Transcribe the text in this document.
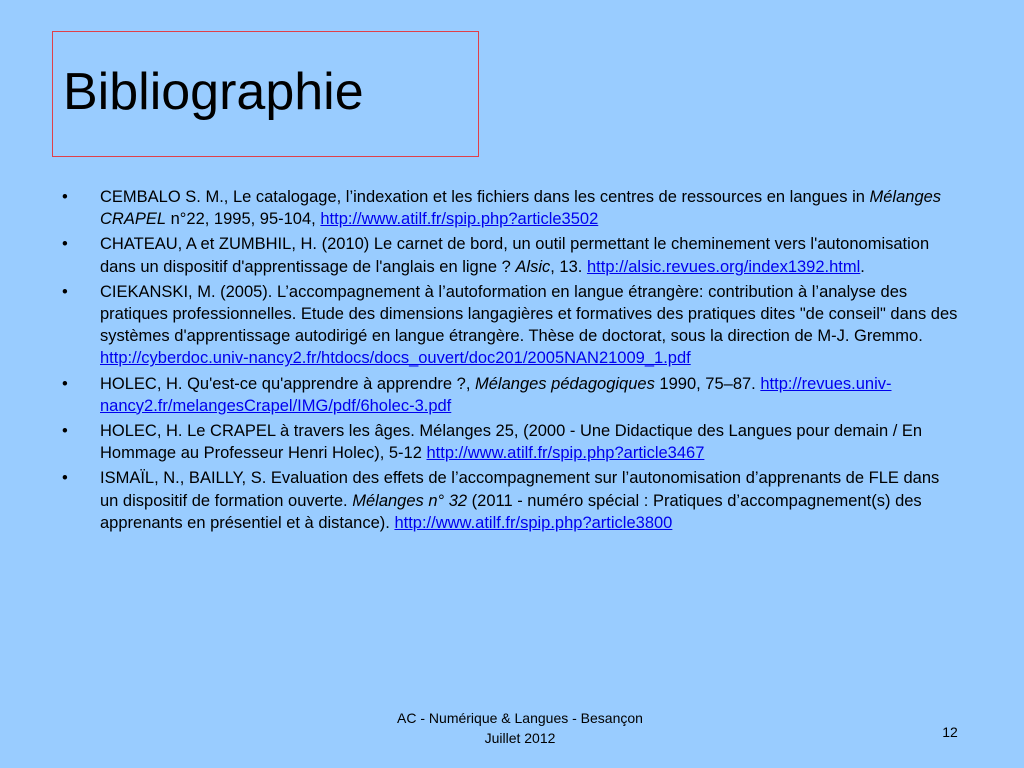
Bibliographie
• CEMBALO S. M., Le catalogage, l’indexation et les fichiers dans les centres de ressources en langues in Mélanges CRAPEL n°22, 1995, 95-104, http://www.atilf.fr/spip.php?article3502
• CHATEAU, A et ZUMBHIL, H. (2010) Le carnet de bord, un outil permettant le cheminement vers l'autonomisation dans un dispositif d'apprentissage de l'anglais en ligne ? Alsic, 13. http://alsic.revues.org/index1392.html.
• CIEKANSKI, M. (2005). L’accompagnement à l’autoformation en langue étrangère: contribution à l’analyse des pratiques professionnelles. Etude des dimensions langagières et formatives des pratiques dites "de conseil" dans des systèmes d'apprentissage autodirigé en langue étrangère. Thèse de doctorat, sous la direction de M-J. Gremmo. http://cyberdoc.univ-nancy2.fr/htdocs/docs_ouvert/doc201/2005NAN21009_1.pdf
• HOLEC, H. Qu'est-ce qu'apprendre à apprendre ?, Mélanges pédagogiques 1990, 75–87. http://revues.univ-nancy2.fr/melangesCrapel/IMG/pdf/6holec-3.pdf
• HOLEC, H. Le CRAPEL à travers les âges. Mélanges 25, (2000 - Une Didactique des Langues pour demain / En Hommage au Professeur Henri Holec), 5-12 http://www.atilf.fr/spip.php?article3467
• ISMAÏL, N., BAILLY, S. Evaluation des effets de l’accompagnement sur l’autonomisation d’apprenants de FLE dans un dispositif de formation ouverte. Mélanges n° 32 (2011 - numéro spécial : Pratiques d’accompagnement(s) des apprenants en présentiel et à distance). http://www.atilf.fr/spip.php?article3800
AC - Numérique & Langues - Besançon
Juillet 2012	12
